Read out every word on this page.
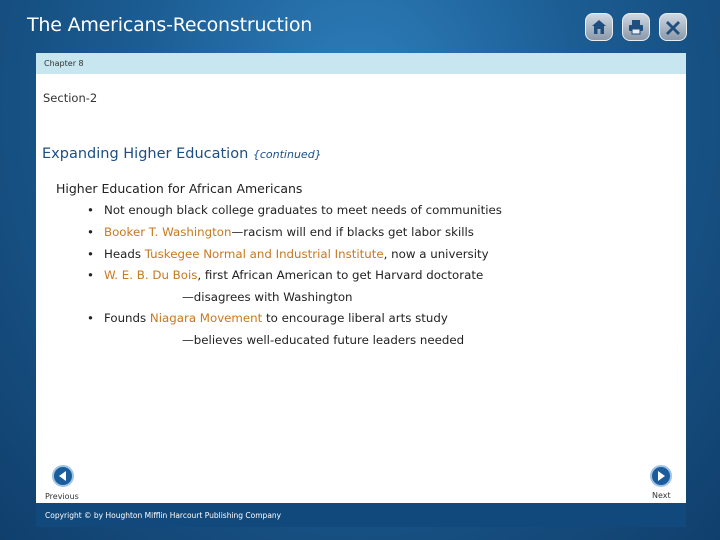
The Americans-Reconstruction
Chapter 8
Section-2
Expanding Higher Education {continued}
Higher Education for African Americans
• Not enough black college graduates to meet needs of communities
• Booker T. Washington—racism will end if blacks get labor skills
• Heads Tuskegee Normal and Industrial Institute, now a university
• W. E. B. Du Bois, first African American to get Harvard doctorate
—disagrees with Washington
• Founds Niagara Movement to encourage liberal arts study
—believes well-educated future leaders needed
Previous	Next
Copyright © by Houghton Mifflin Harcourt Publishing Company
